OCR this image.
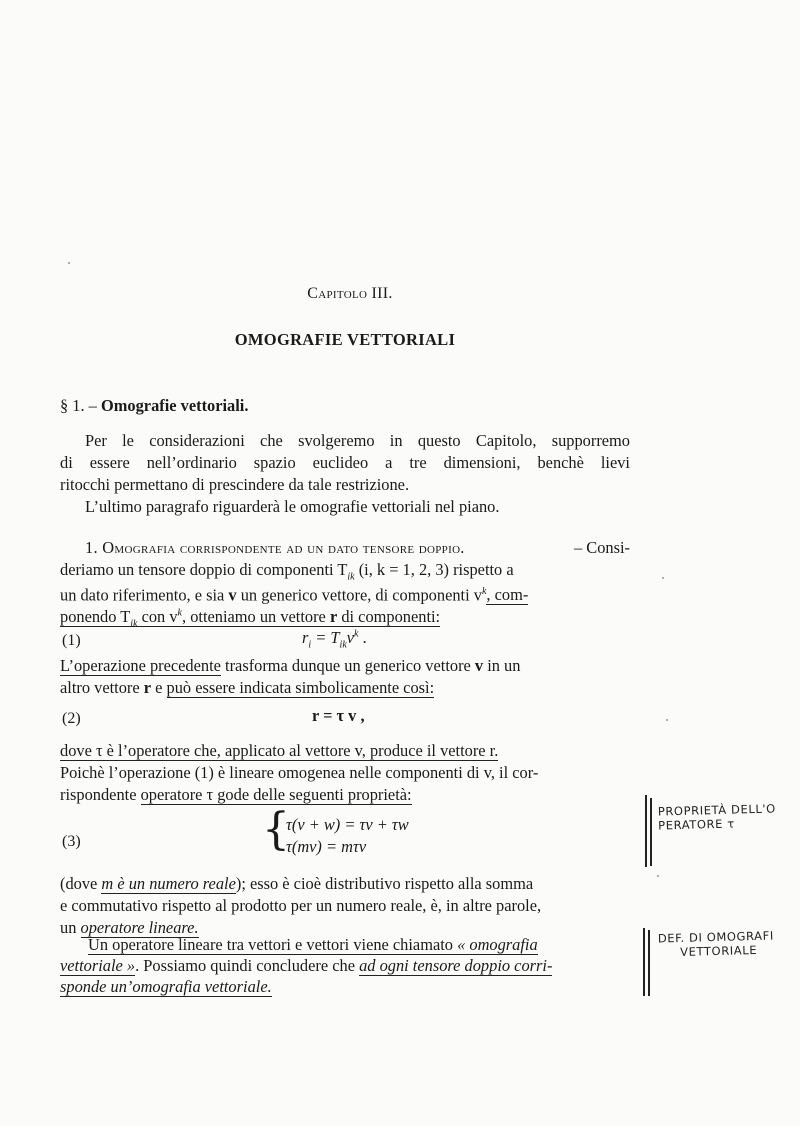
Capitolo III.
OMOGRAFIE VETTORIALI
§ 1. – Omografie vettoriali.
Per le considerazioni che svolgeremo in questo Capitolo, supporremo
di essere nell’ordinario spazio euclideo a tre dimensioni, benchè lievi
ritocchi permettano di prescindere da tale restrizione.
L’ultimo paragrafo riguarderà le omografie vettoriali nel piano.
1. Omografia corrispondente ad un dato tensore doppio.	– Consi-
deriamo un tensore doppio di componenti $T_{ik}$ (i, k = 1, 2, 3) rispetto a
un dato riferimento, e sia v un generico vettore, di componenti $v^k$, com-
ponendo $T_{ik}$ con $v^k$, otteniamo un vettore r di componenti:
(1)	$r_i = T_{ik}v^k$ .
L’operazione precedente trasforma dunque un generico vettore v in un
altro vettore r e può essere indicata simbolicamente così:
(2)	r = τ v ,
dove τ è l’operatore che, applicato al vettore v, produce il vettore r.
Poichè l’operazione (1) è lineare omogenea nelle componenti di v, il cor-
rispondente operatore τ gode delle seguenti proprietà:
(3)	{
τ(v + w) = τv + τw
τ(mv) = mτv
(dove m è un numero reale); esso è cioè distributivo rispetto alla somma
e commutativo rispetto al prodotto per un numero reale, è, in altre parole,
un operatore lineare.
Un operatore lineare tra vettori e vettori viene chiamato « omografia
vettoriale ». Possiamo quindi concludere che ad ogni tensore doppio corri-
sponde un’omografia vettoriale.
PROPRIETÀ DELL'O
PERATORE τ
DEF. DI OMOGRAFI
VETTORIALE
